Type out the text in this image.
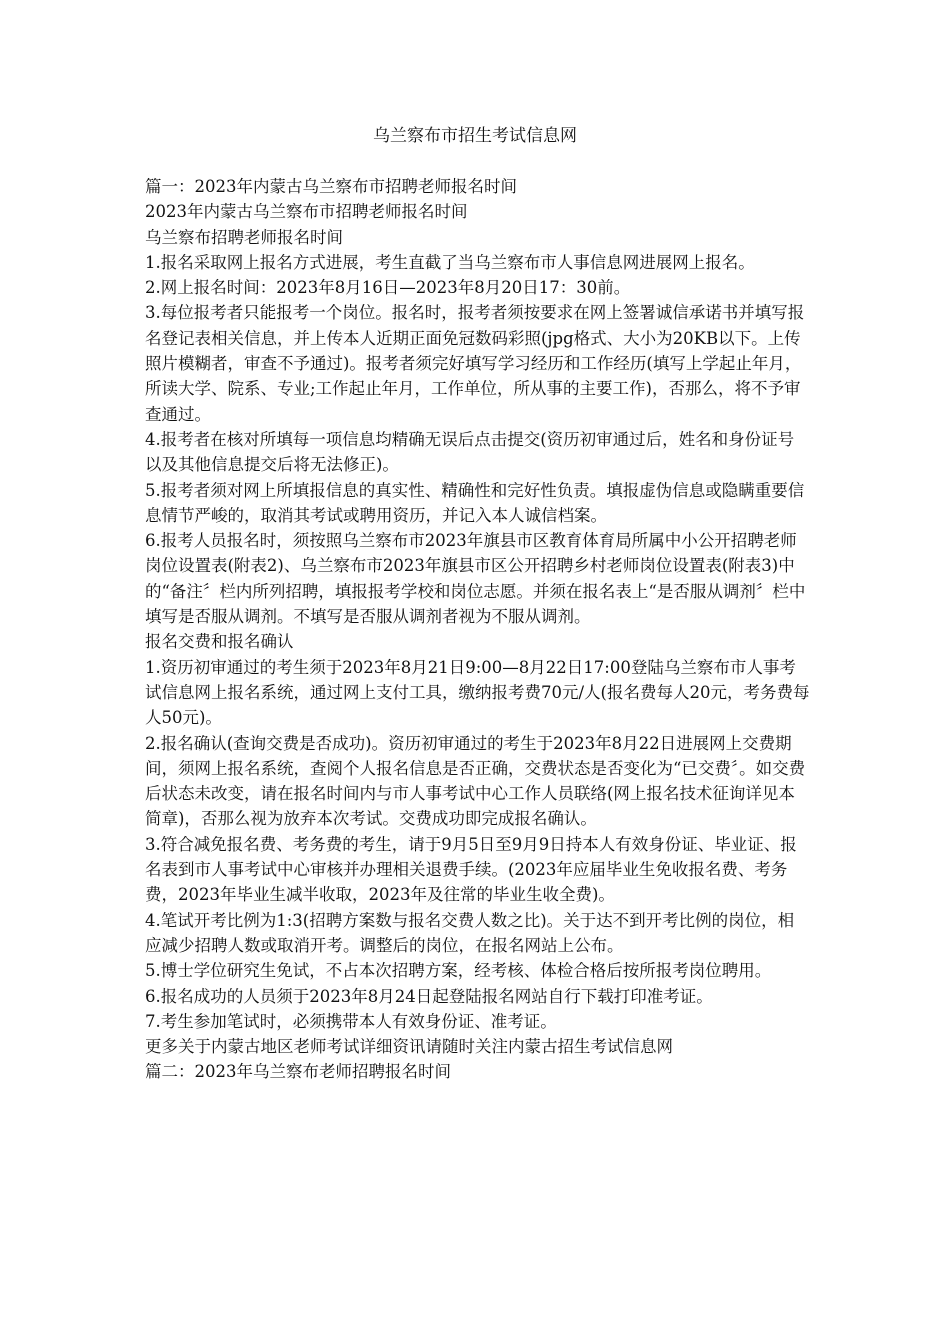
乌兰察布市招生考试信息网

篇一：2023年内蒙古乌兰察布市招聘老师报名时间

2023年内蒙古乌兰察布市招聘老师报名时间

乌兰察布招聘老师报名时间

1.报名采取网上报名方式进展，考生直截了当乌兰察布市人事信息网进展网上报名。

2.网上报名时间：2023年8月16日—2023年8月20日17：30前。

3.每位报考者只能报考一个岗位。报名时，报考者须按要求在网上签署诚信承诺书并填写报名登记表相关信息，并上传本人近期正面免冠数码彩照(jpg格式、大小为20KB以下。上传照片模糊者，审查不予通过)。报考者须完好填写学习经历和工作经历(填写上学起止年月，所读大学、院系、专业;工作起止年月，工作单位，所从事的主要工作)，否那么，将不予审查通过。

4.报考者在核对所填每一项信息均精确无误后点击提交(资历初审通过后，姓名和身份证号以及其他信息提交后将无法修正)。

5.报考者须对网上所填报信息的真实性、精确性和完好性负责。填报虚伪信息或隐瞒重要信息情节严峻的，取消其考试或聘用资历，并记入本人诚信档案。

6.报考人员报名时，须按照乌兰察布市2023年旗县市区教育体育局所属中小公开招聘老师岗位设置表(附表2)、乌兰察布市2023年旗县市区公开招聘乡村老师岗位设置表(附表3)中的“备注〞栏内所列招聘，填报报考学校和岗位志愿。并须在报名表上“是否服从调剂〞栏中填写是否服从调剂。不填写是否服从调剂者视为不服从调剂。

报名交费和报名确认

1.资历初审通过的考生须于2023年8月21日9:00—8月22日17:00登陆乌兰察布市人事考试信息网上报名系统，通过网上支付工具，缴纳报考费70元/人(报名费每人20元，考务费每人50元)。

2.报名确认(查询交费是否成功)。资历初审通过的考生于2023年8月22日进展网上交费期间，须网上报名系统，查阅个人报名信息是否正确，交费状态是否变化为“已交费〞。如交费后状态未改变，请在报名时间内与市人事考试中心工作人员联络(网上报名技术征询详见本简章)，否那么视为放弃本次考试。交费成功即完成报名确认。

3.符合减免报名费、考务费的考生，请于9月5日至9月9日持本人有效身份证、毕业证、报名表到市人事考试中心审核并办理相关退费手续。(2023年应届毕业生免收报名费、考务费，2023年毕业生减半收取，2023年及往常的毕业生收全费)。

4.笔试开考比例为1:3(招聘方案数与报名交费人数之比)。关于达不到开考比例的岗位，相应减少招聘人数或取消开考。调整后的岗位，在报名网站上公布。

5.博士学位研究生免试，不占本次招聘方案，经考核、体检合格后按所报考岗位聘用。

6.报名成功的人员须于2023年8月24日起登陆报名网站自行下载打印准考证。

7.考生参加笔试时，必须携带本人有效身份证、准考证。

更多关于内蒙古地区老师考试详细资讯请随时关注内蒙古招生考试信息网

篇二：2023年乌兰察布老师招聘报名时间
